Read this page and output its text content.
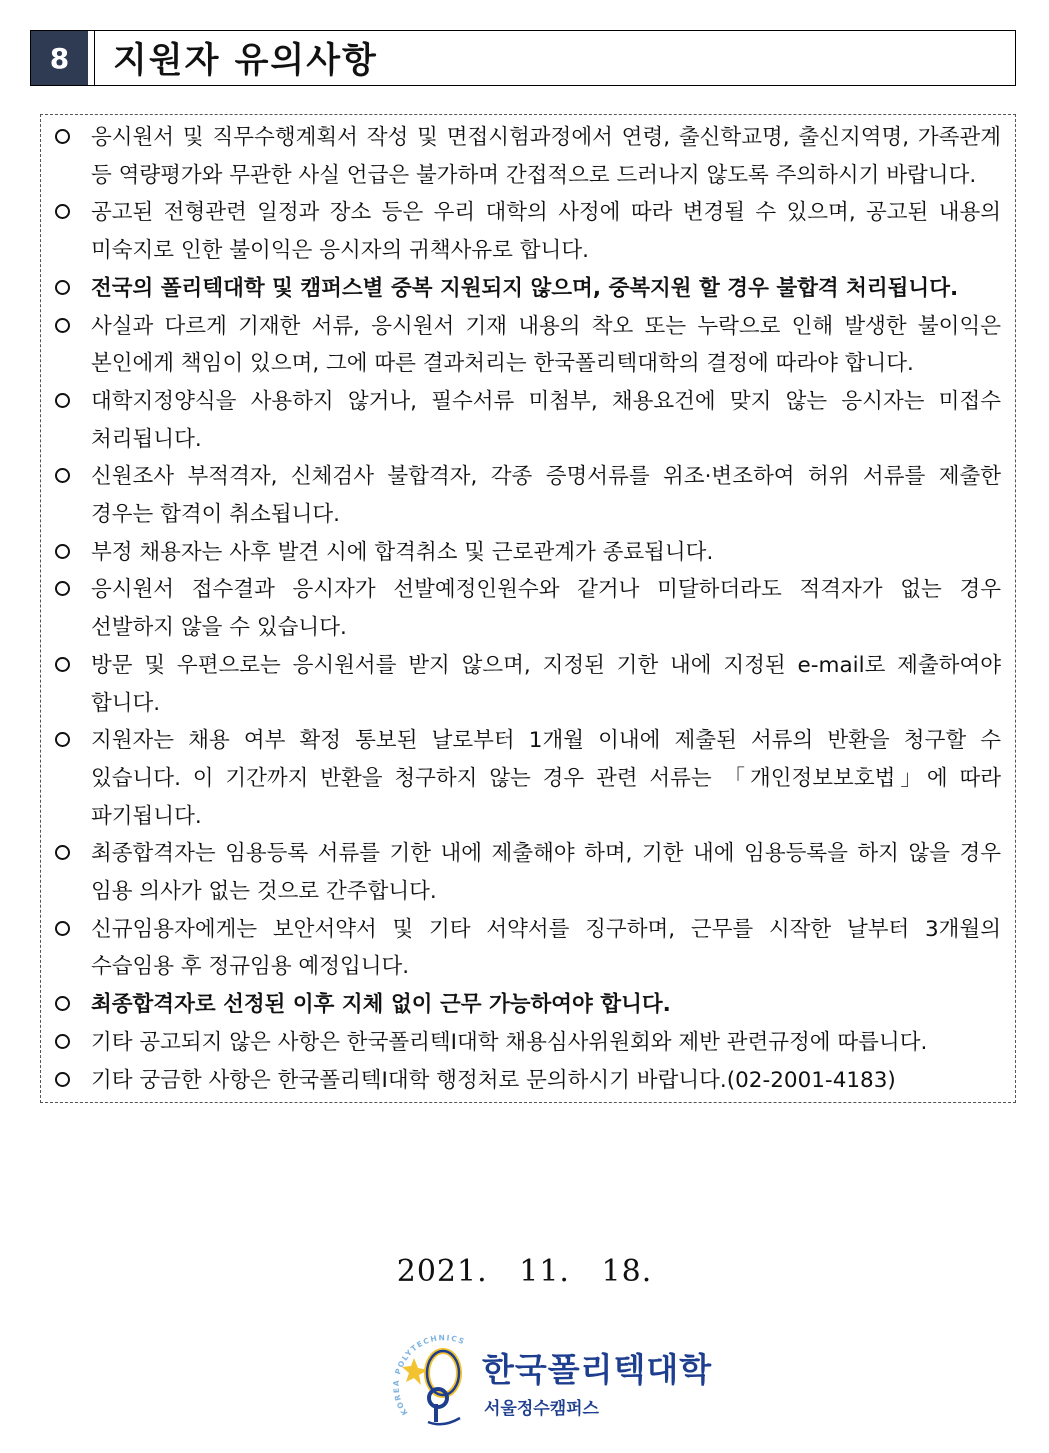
8	지원자 유의사항
응시원서 및 직무수행계획서 작성 및 면접시험과정에서 연령, 출신학교명, 출신지역명, 가족관계 등 역량평가와 무관한 사실 언급은 불가하며 간접적으로 드러나지 않도록 주의하시기 바랍니다.
공고된 전형관련 일정과 장소 등은 우리 대학의 사정에 따라 변경될 수 있으며, 공고된 내용의 미숙지로 인한 불이익은 응시자의 귀책사유로 합니다.
전국의 폴리텍대학 및 캠퍼스별 중복 지원되지 않으며, 중복지원 할 경우 불합격 처리됩니다.
사실과 다르게 기재한 서류, 응시원서 기재 내용의 착오 또는 누락으로 인해 발생한 불이익은 본인에게 책임이 있으며, 그에 따른 결과처리는 한국폴리텍대학의 결정에 따라야 합니다.
대학지정양식을 사용하지 않거나, 필수서류 미첨부, 채용요건에 맞지 않는 응시자는 미접수 처리됩니다.
신원조사 부적격자, 신체검사 불합격자, 각종 증명서류를 위조·변조하여 허위 서류를 제출한 경우는 합격이 취소됩니다.
부정 채용자는 사후 발견 시에 합격취소 및 근로관계가 종료됩니다.
응시원서 접수결과 응시자가 선발예정인원수와 같거나 미달하더라도 적격자가 없는 경우 선발하지 않을 수 있습니다.
방문 및 우편으로는 응시원서를 받지 않으며, 지정된 기한 내에 지정된 e-mail로 제출하여야 합니다.
지원자는 채용 여부 확정 통보된 날로부터 1개월 이내에 제출된 서류의 반환을 청구할 수 있습니다. 이 기간까지 반환을 청구하지 않는 경우 관련 서류는 「개인정보보호법」에 따라 파기됩니다.
최종합격자는 임용등록 서류를 기한 내에 제출해야 하며, 기한 내에 임용등록을 하지 않을 경우 임용 의사가 없는 것으로 간주합니다.
신규임용자에게는 보안서약서 및 기타 서약서를 징구하며, 근무를 시작한 날부터 3개월의 수습임용 후 정규임용 예정입니다.
최종합격자로 선정된 이후 지체 없이 근무 가능하여야 합니다.
기타 공고되지 않은 사항은 한국폴리텍I대학 채용심사위원회와 제반 관련규정에 따릅니다.
기타 궁금한 사항은 한국폴리텍I대학 행정처로 문의하시기 바랍니다.(02-2001-4183)
2021.   11.   18.
KOREA POLYTECHNICS
한국폴리텍대학
서울정수캠퍼스
